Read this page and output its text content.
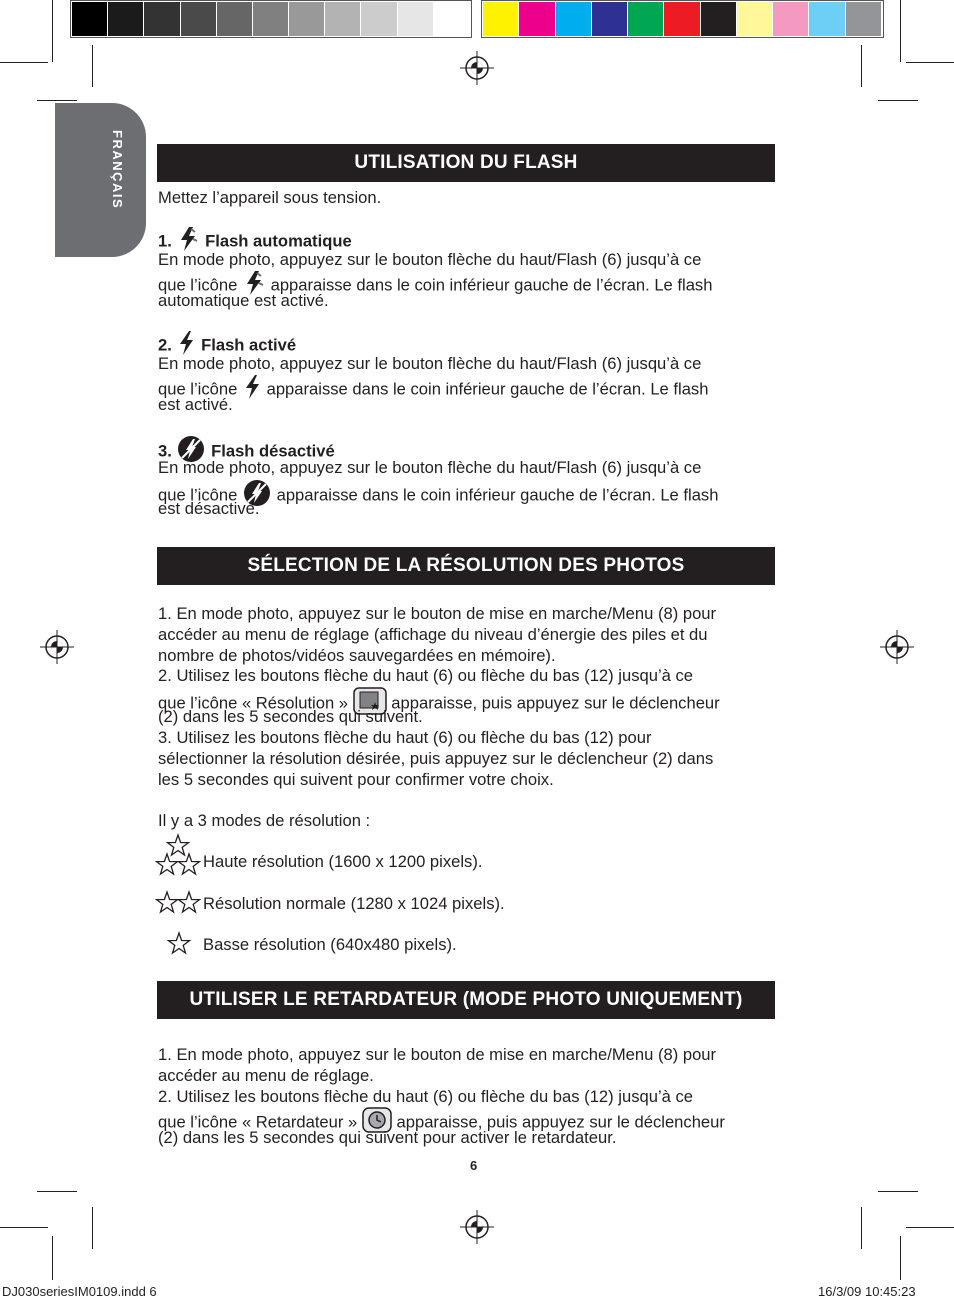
FRANÇAIS	UTILISATION DU FLASH
Mettez l’appareil sous tension.
1. Flash automatique
En mode photo, appuyez sur le bouton flèche du haut/Flash (6) jusqu’à ce
que l’icône apparaisse dans le coin inférieur gauche de l’écran. Le flash
automatique est activé.
2. Flash activé
En mode photo, appuyez sur le bouton flèche du haut/Flash (6) jusqu’à ce
que l’icône apparaisse dans le coin inférieur gauche de l’écran. Le flash
est activé.
3. Flash désactivé
En mode photo, appuyez sur le bouton flèche du haut/Flash (6) jusqu’à ce
que l’icône apparaisse dans le coin inférieur gauche de l’écran. Le flash
est désactivé.
SÉLECTION DE LA RÉSOLUTION DES PHOTOS
1. En mode photo, appuyez sur le bouton de mise en marche/Menu (8) pour
accéder au menu de réglage (affichage du niveau d’énergie des piles et du
nombre de photos/vidéos sauvegardées en mémoire).
2. Utilisez les boutons flèche du haut (6) ou flèche du bas (12) jusqu’à ce
que l’icône « Résolution »	apparaisse, puis appuyez sur le déclencheur
(2) dans les 5 secondes qui suivent.
3. Utilisez les boutons flèche du haut (6) ou flèche du bas (12) pour
sélectionner la résolution désirée, puis appuyez sur le déclencheur (2) dans
les 5 secondes qui suivent pour confirmer votre choix.
Il y a 3 modes de résolution :
Haute résolution (1600 x 1200 pixels).
Résolution normale (1280 x 1024 pixels).
Basse résolution (640x480 pixels).
UTILISER LE RETARDATEUR (MODE PHOTO UNIQUEMENT)
1. En mode photo, appuyez sur le bouton de mise en marche/Menu (8) pour
accéder au menu de réglage.
2. Utilisez les boutons flèche du haut (6) ou flèche du bas (12) jusqu’à ce
que l’icône « Retardateur » apparaisse, puis appuyez sur le déclencheur
(2) dans les 5 secondes qui suivent pour activer le retardateur.
6
DJ030seriesIM0109.indd 6	16/3/09 10:45:23
